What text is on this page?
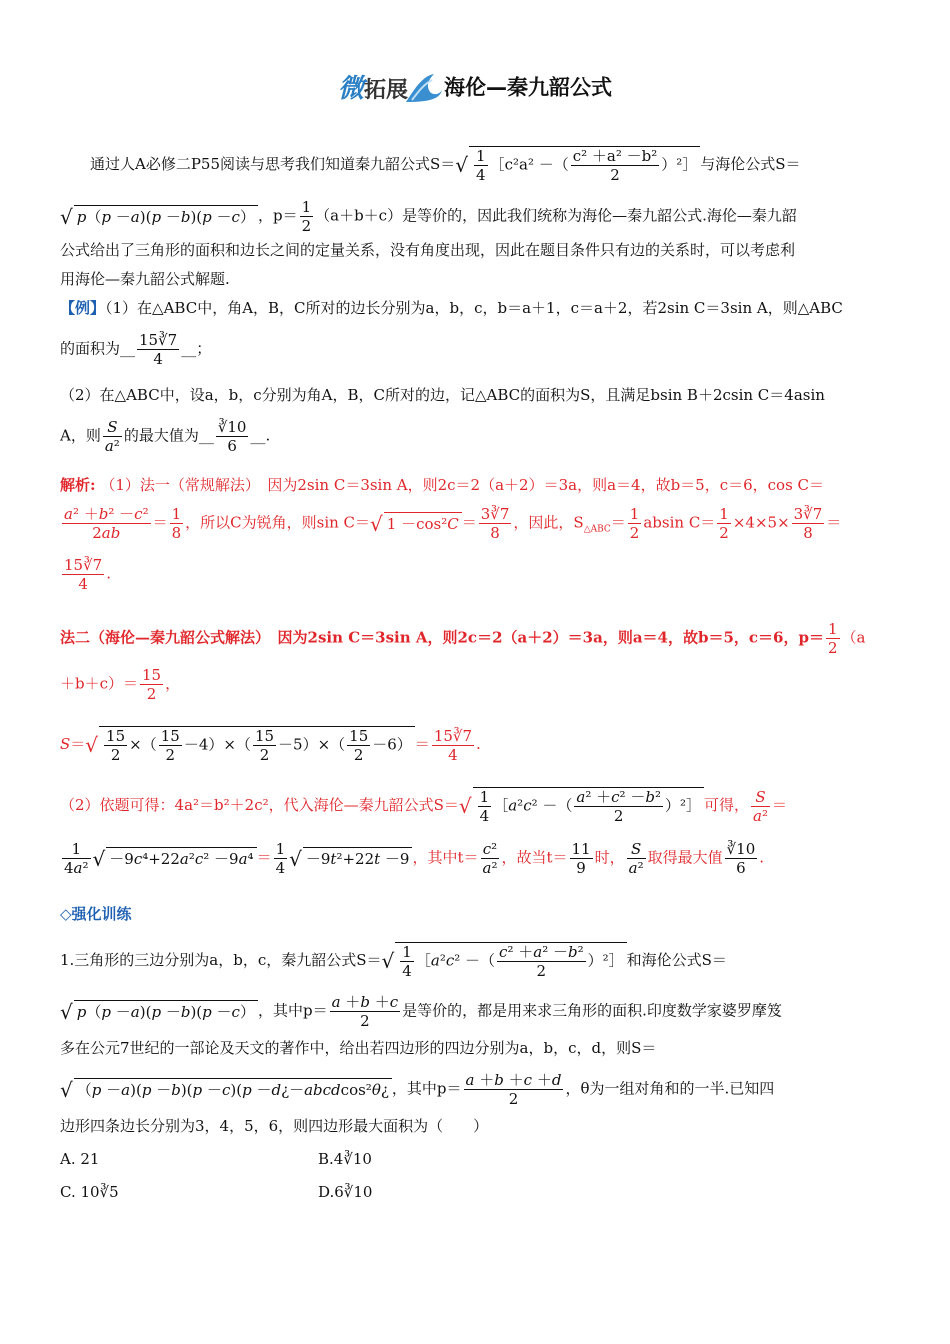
微拓展 海伦—秦九韶公式
通过人A必修二P55阅读与思考我们知道秦九韶公式$S=√ \frac{1}{4}$ ［c²a² －（ $\frac{\text{c² ＋a² －b²}}{2}$ ）²］ 与海伦公式S＝
√ p（p －a)(p －b)(p －c） ，$p= \frac{1}{2} (a+b+c)$是等价的，因此我们统称为海伦—秦九韶公式.海伦—秦九韶
公式给出了三角形的面积和边长之间的定量关系，没有角度出现，因此在题目条件只有边的关系时，可以考虑利
用海伦—秦九韶公式解题.
【例】（1）在△ABC中，角A，B，C所对的边长分别为a，b，c，b＝a＋1，c＝a＋2，若2sin C＝3sin A，则△ABC
的面积为__ $\frac{15∛7}{4}$ __；
（2）在△ABC中，设a，b，c分别为角A，B，C所对的边，记△ABC的面积为S，且满足bsin B＋2csin C＝4asin
A，则 $\frac{S}{\text{a²}}$ 的最大值为__ $\frac{∛10}{6}$ __.
解析: （1）法一（常规解法）　因为2sin C＝3sin A，则2c＝2（a＋2）＝3a，则a＝4，故b＝5，c＝6，cos C＝
$\frac{\text{a² ＋b² －c²}}{2ab} = \frac{1}{8}$ ，所以C为锐角，则sin C＝√ $1 -\cos^2C = \frac{3∛7}{8}$ ，因此，$S_{\triangle ABC}= \frac{1}{2}$ absin $C= \frac{1}{2} \times 4\times 5\times \frac{3∛7}{8}$ ＝
$\frac{15∛7}{4}$ .
法二（海伦—秦九韶公式解法）　因为2sin C＝3sin A，则2c＝2（a＋2）＝3a，则a＝4，故b＝5，c＝6，$p= \frac{1}{2} (a$
$+b+c)= \frac{15}{2}$ ，
$S=√ \frac{15}{2}$ ×（ $\frac{15}{2} -4)\times( \frac{15}{2} -5)\times( \frac{15}{2} -6) = \frac{15∛7}{4}$ .
（2）依题可得：4a²＝b²＋2c²，代入海伦—秦九韶公式$S=√ \frac{1}{4}$ ［a²c² －（ $\frac{\text{a² ＋c² －b²}}{2}$ ）²］ 可得， $\frac{S}{\text{a²}}$ ＝
$\frac{1}{\text{4a²}}$ √ $-9c^4+22a^2c^2 -9a^4 = \frac{1}{4}$ √ －9t²+22t －9 ，其中$t= \frac{\text{c²}}{\text{a²}}$ ，故当$t= \frac{11}{9}$ 时， $\frac{S}{\text{a²}}$ 取得最大值 $\frac{∛10}{6}$ .
◇强化训练
1.三角形的三边分别为a，b，c，秦九韶公式$S=√ \frac{1}{4}$ ［a²c² －（ $\frac{\text{c² ＋a² －b²}}{2}$ ）²］ 和海伦公式S＝
√ p（p －a)(p －b)(p －c） ，其中$p= \frac{a +b +c}{2}$ 是等价的，都是用来求三角形的面积.印度数学家婆罗摩笈
多在公元7世纪的一部论及天文的著作中，给出若四边形的四边分别为a，b，c，d，则S＝
√ （p －a)(p －b)(p －c)(p －d¿－abcdcos²θ¿ ，其中$p= \frac{a +b +c +d}{2}$ ，θ为一组对角和的一半.已知四
边形四条边长分别为3，4，5，6，则四边形最大面积为（　　）
A. 21	B.4∛10
C. 10∛5	D.6∛10
